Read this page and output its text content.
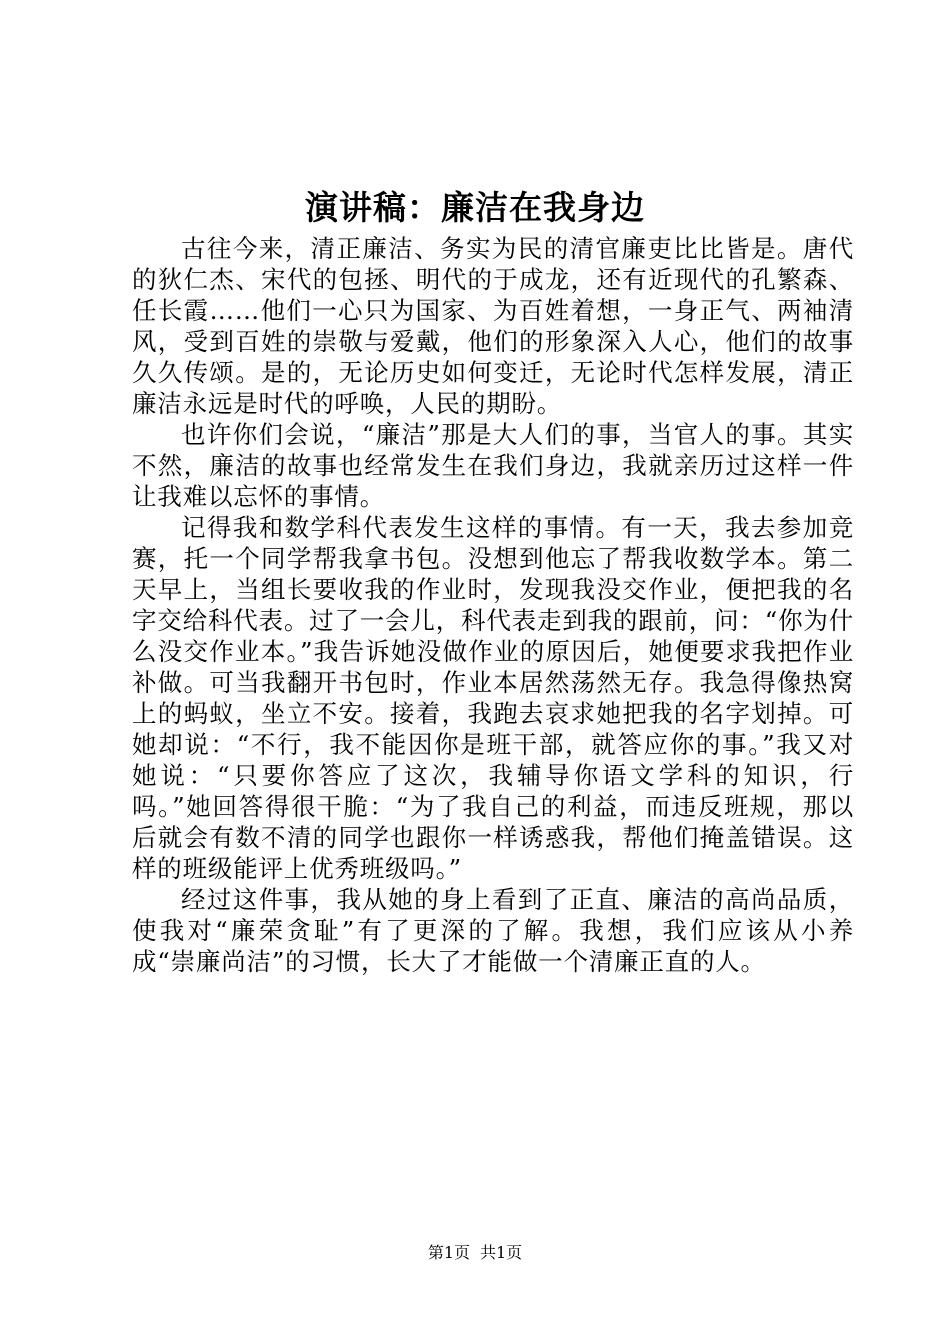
演讲稿：廉洁在我身边

古往今来，清正廉洁、务实为民的清官廉吏比比皆是。唐代的狄仁杰、宋代的包拯、明代的于成龙，还有近现代的孔繁森、任长霞……他们一心只为国家、为百姓着想，一身正气、两袖清风，受到百姓的崇敬与爱戴，他们的形象深入人心，他们的故事久久传颂。是的，无论历史如何变迁，无论时代怎样发展，清正廉洁永远是时代的呼唤，人民的期盼。

也许你们会说，“廉洁”那是大人们的事，当官人的事。其实不然，廉洁的故事也经常发生在我们身边，我就亲历过这样一件让我难以忘怀的事情。

记得我和数学科代表发生这样的事情。有一天，我去参加竞赛，托一个同学帮我拿书包。没想到他忘了帮我收数学本。第二天早上，当组长要收我的作业时，发现我没交作业，便把我的名字交给科代表。过了一会儿，科代表走到我的跟前，问：“你为什么没交作业本。”我告诉她没做作业的原因后，她便要求我把作业补做。可当我翻开书包时，作业本居然荡然无存。我急得像热窝上的蚂蚁，坐立不安。接着，我跑去哀求她把我的名字划掉。可她却说：“不行，我不能因你是班干部，就答应你的事。”我又对她说：“只要你答应了这次，我辅导你语文学科的知识，行吗。”她回答得很干脆：“为了我自己的利益，而违反班规，那以后就会有数不清的同学也跟你一样诱惑我，帮他们掩盖错误。这样的班级能评上优秀班级吗。”

经过这件事，我从她的身上看到了正直、廉洁的高尚品质，使我对“廉荣贪耻”有了更深的了解。我想，我们应该从小养成“崇廉尚洁”的习惯，长大了才能做一个清廉正直的人。

第1页 共1页
